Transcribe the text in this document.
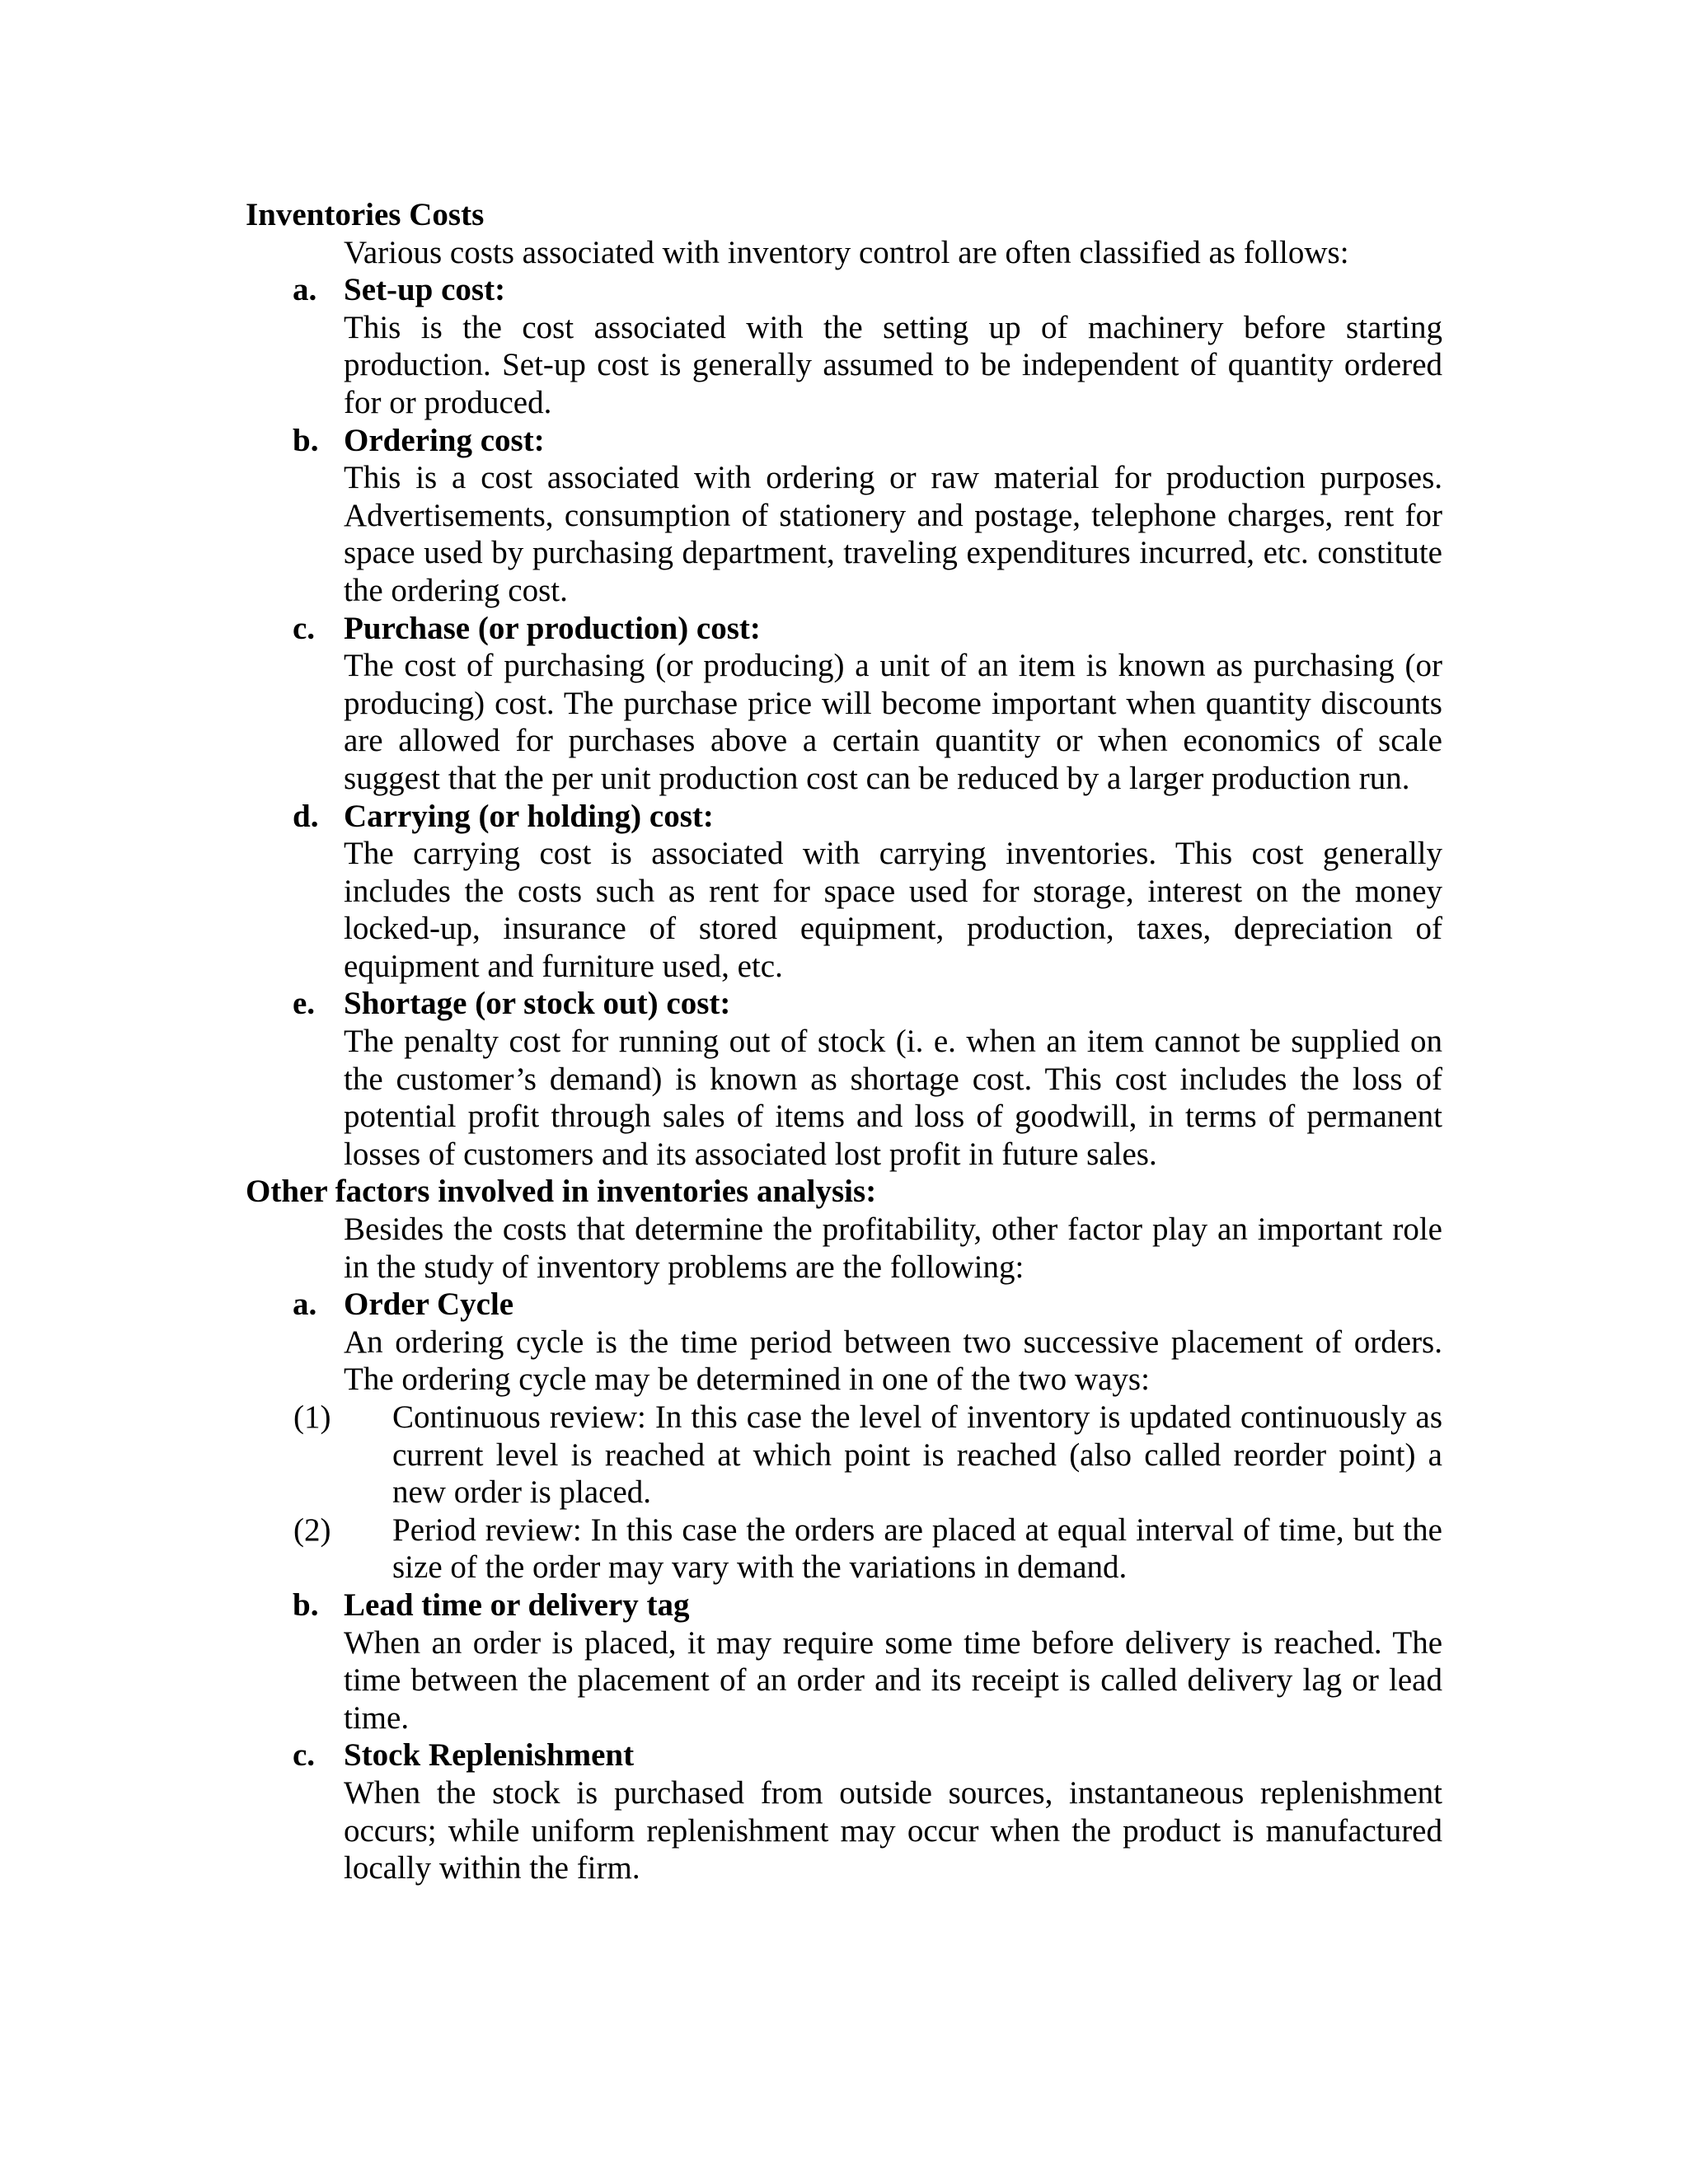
Inventories Costs

Various costs associated with inventory control are often classified as follows:

a. Set-up cost:

This is the cost associated with the setting up of machinery before starting production. Set-up cost is generally assumed to be independent of quantity ordered for or produced.

b. Ordering cost:

This is a cost associated with ordering or raw material for production purposes. Advertisements, consumption of stationery and postage, telephone charges, rent for space used by purchasing department, traveling expenditures incurred, etc. constitute the ordering cost.

c. Purchase (or production) cost:

The cost of purchasing (or producing) a unit of an item is known as purchasing (or producing) cost. The purchase price will become important when quantity discounts are allowed for purchases above a certain quantity or when economics of scale suggest that the per unit production cost can be reduced by a larger production run.

d. Carrying (or holding) cost:

The carrying cost is associated with carrying inventories. This cost generally includes the costs such as rent for space used for storage, interest on the money locked-up, insurance of stored equipment, production, taxes, depreciation of equipment and furniture used, etc.

e. Shortage (or stock out) cost:

The penalty cost for running out of stock (i. e. when an item cannot be supplied on the customer’s demand) is known as shortage cost. This cost includes the loss of potential profit through sales of items and loss of goodwill, in terms of permanent losses of customers and its associated lost profit in future sales.

Other factors involved in inventories analysis:

Besides the costs that determine the profitability, other factor play an important role in the study of inventory problems are the following:

a. Order Cycle

An ordering cycle is the time period between two successive placement of orders. The ordering cycle may be determined in one of the two ways:

(1) Continuous review: In this case the level of inventory is updated continuously as current level is reached at which point is reached (also called reorder point) a new order is placed.
(2) Period review: In this case the orders are placed at equal interval of time, but the size of the order may vary with the variations in demand.
b. Lead time or delivery tag

When an order is placed, it may require some time before delivery is reached. The time between the placement of an order and its receipt is called delivery lag or lead time.

c. Stock Replenishment

When the stock is purchased from outside sources, instantaneous replenishment occurs; while uniform replenishment may occur when the product is manufactured locally within the firm.
